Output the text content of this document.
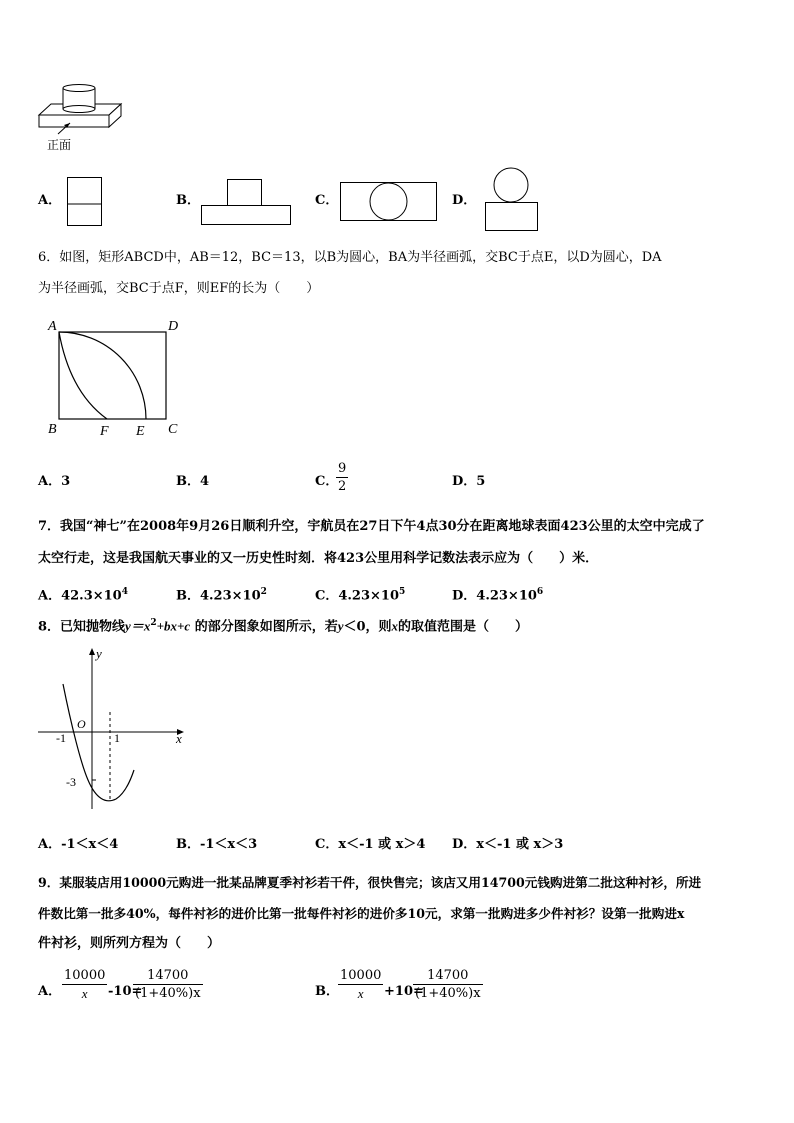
正面
A．	B．	C．	D．
6．如图，矩形ABCD中，AB＝12，BC＝13，以B为圆心，BA为半径画弧，交BC于点E，以D为圆心，DA
为半径画弧，交BC于点F，则EF的长为（　　）
A	D
B	F E C
A．3	B．4	C．
$\frac{9}{2}$	D．5
7．我国“神七”在2008年9月26日顺利升空，宇航员在27日下午4点30分在距离地球表面423公里的太空中完成了
太空行走，这是我国航天事业的又一历史性时刻．将423公里用科学记数法表示应为（　　）米．
A．$42.3\times 10^4$	B．$4.23\times 10^2$	C．$4.23\times 10^5$	D．$4.23\times 10^6$
8．已知抛物线$y=x^2+bx+c$ 的部分图象如图所示，若y＜0，则x的取值范围是（　　）
y
x
O
-1	1
-3
A．-1＜x＜4	B．-1＜x＜3	C．x＜-1 或 x＞4 D．x＜-1 或 x＞3
9．某服装店用10000元购进一批某品牌夏季衬衫若干件，很快售完；该店又用14700元钱购进第二批这种衬衫，所进
件数比第一批多40%，每件衬衫的进价比第一批每件衬衫的进价多10元，求第一批购进多少件衬衫？设第一批购进x
件衬衫，则所列方程为（　　）
A． $\frac{10000}{x} -10=$
$\frac{14700}{(1+40\%)x}$	B． $\frac{10000}{x} +10=$
$\frac{14700}{(1+40\%)x}$
